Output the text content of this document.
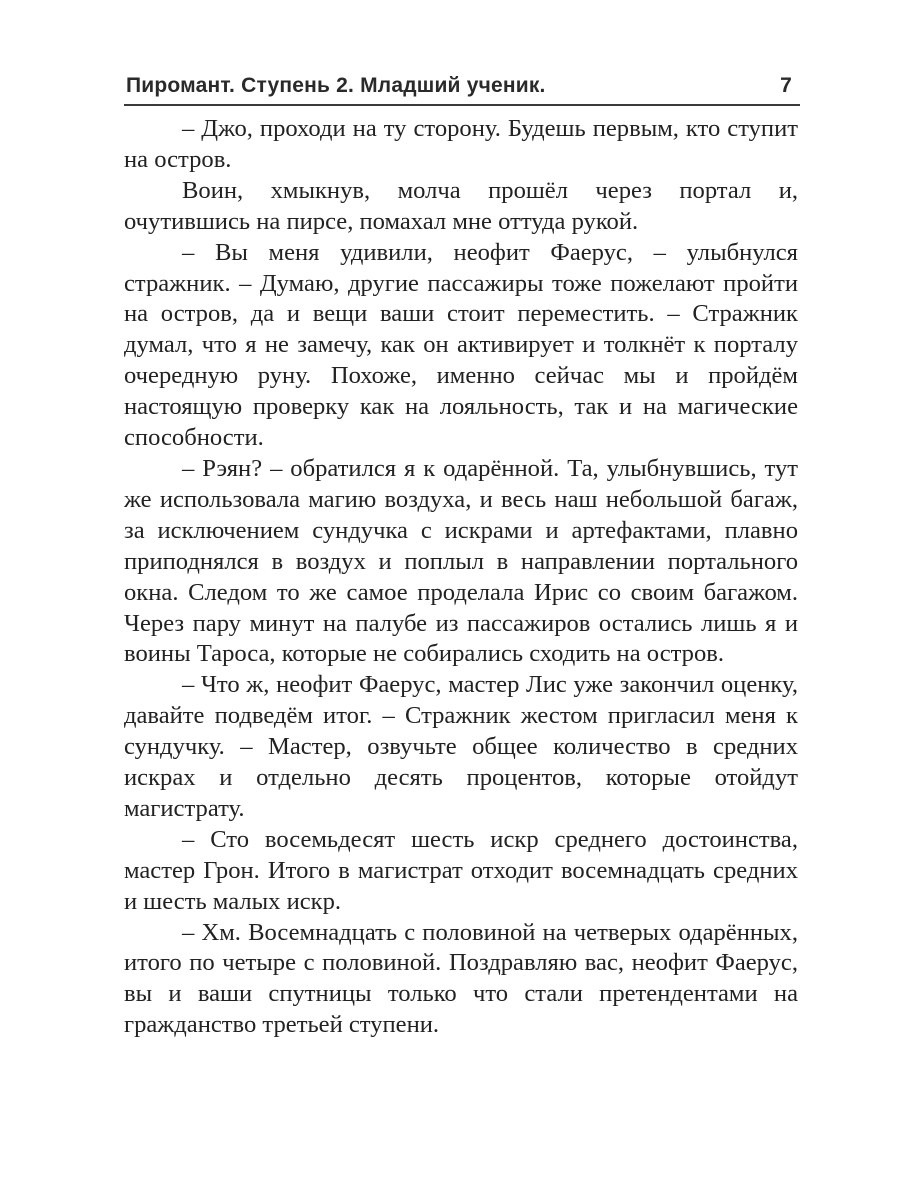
Пиромант. Ступень 2. Младший ученик.	7

– Джо, проходи на ту сторону. Будешь первым, кто ступит на остров.

Воин, хмыкнув, молча прошёл через портал и, очутившись на пирсе, помахал мне оттуда рукой.

– Вы меня удивили, неофит Фаерус, – улыбнулся стражник. – Думаю, другие пассажиры тоже пожелают пройти на остров, да и вещи ваши стоит переместить. – Стражник думал, что я не замечу, как он активирует и толкнёт к порталу очередную руну. Похоже, именно сейчас мы и пройдём настоящую проверку как на лояльность, так и на магические способности.

– Рэян? – обратился я к одарённой. Та, улыбнувшись, тут же использовала магию воздуха, и весь наш небольшой багаж, за исключением сундучка с искрами и артефактами, плавно приподнялся в воздух и поплыл в направлении портального окна. Следом то же самое проделала Ирис со своим багажом. Через пару минут на палубе из пассажиров остались лишь я и воины Тароса, которые не собирались сходить на остров.

– Что ж, неофит Фаерус, мастер Лис уже закончил оценку, давайте подведём итог. – Стражник жестом пригласил меня к сундучку. – Мастер, озвучьте общее количество в средних искрах и отдельно десять процентов, которые отойдут магистрату.

– Сто восемьдесят шесть искр среднего достоинства, мастер Грон. Итого в магистрат отходит восемнадцать средних и шесть малых искр.

– Хм. Восемнадцать с половиной на четверых одарённых, итого по четыре с половиной. Поздравляю вас, неофит Фаерус, вы и ваши спутницы только что стали претендентами на гражданство третьей ступени.
